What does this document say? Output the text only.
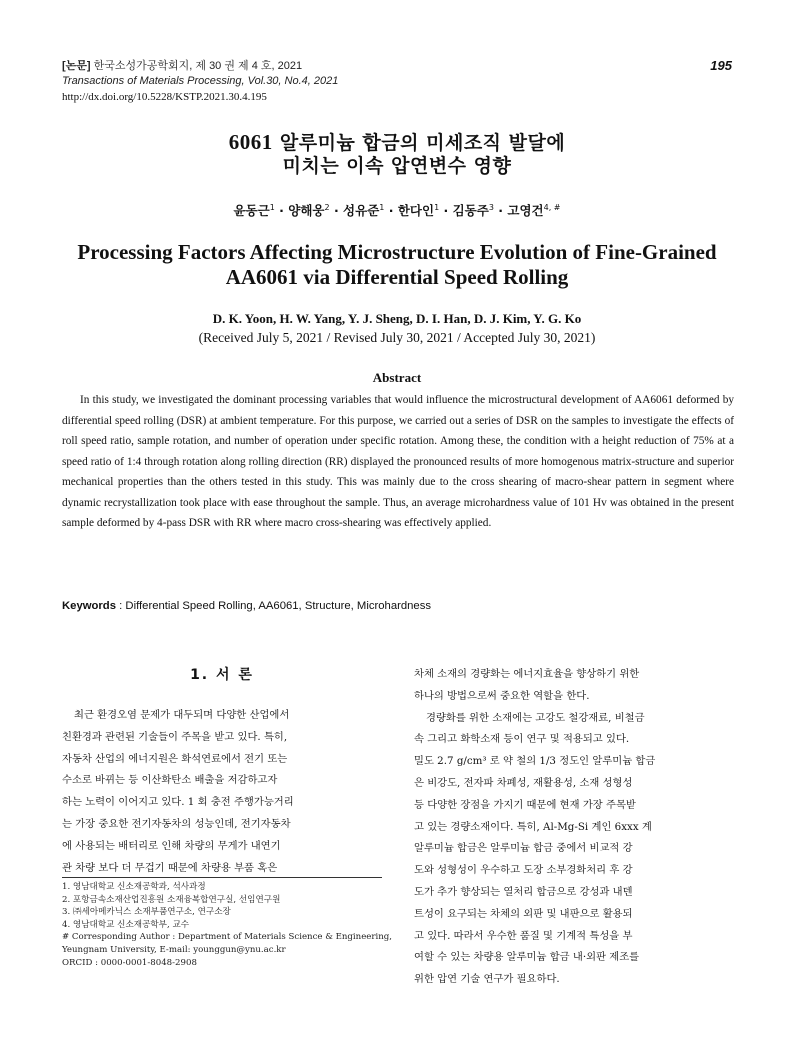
[논문] 한국소성가공학회지, 제 30 권 제 4 호, 2021
Transactions of Materials Processing, Vol.30, No.4, 2021
195
http://dx.doi.org/10.5228/KSTP.2021.30.4.195
6061 알루미늄 합금의 미세조직 발달에
미치는 이속 압연변수 영향
윤동근$^1$ · 양해웅$^2$ · 성유준$^1$ · 한다인$^1$ · 김동주$^3$ · 고영건$^{4, \#}$
Processing Factors Affecting Microstructure Evolution of Fine-Grained
AA6061 via Differential Speed Rolling
D. K. Yoon, H. W. Yang, Y. J. Sheng, D. I. Han, D. J. Kim, Y. G. Ko
(Received July 5, 2021 / Revised July 30, 2021 / Accepted July 30, 2021)
Abstract

In this study, we investigated the dominant processing variables that would influence the microstructural development of AA6061 deformed by differential speed rolling (DSR) at ambient temperature. For this purpose, we carried out a series of DSR on the samples to investigate the effects of roll speed ratio, sample rotation, and number of operation under specific rotation. Among these, the condition with a height reduction of 75% at a speed ratio of 1:4 through rotation along rolling direction (RR) displayed the pronounced results of more homogenous matrix-structure and superior mechanical properties than the others tested in this study. This was mainly due to the cross shearing of macro-shear pattern in segment where dynamic recrystallization took place with ease throughout the sample. Thus, an average microhardness value of 101 Hv was obtained in the present sample deformed by 4-pass DSR with RR where macro cross-shearing was effectively applied.

Keywords : Differential Speed Rolling, AA6061, Structure, Microhardness
1. 서 론
최근 환경오염 문제가 대두되며 다양한 산업에서
친환경과 관련된 기술들이 주목을 받고 있다. 특히,
자동차 산업의 에너지원은 화석연료에서 전기 또는
수소로 바뀌는 등 이산화탄소 배출을 저감하고자
하는 노력이 이어지고 있다. 1 회 충전 주행가능거리
는 가장 중요한 전기자동차의 성능인데, 전기자동차
에 사용되는 배터리로 인해 차량의 무게가 내연기
관 차량 보다 더 무겁기 때문에 차량용 부품 혹은
차체 소재의 경량화는 에너지효율을 향상하기 위한
하나의 방법으로써 중요한 역할을 한다.
경량화를 위한 소재에는 고강도 철강재료, 비철금
속 그리고 화학소재 등이 연구 및 적용되고 있다.
밀도 2.7 g/cm³ 로 약 철의 1/3 정도인 알루미늄 합금
은 비강도, 전자파 차폐성, 재활용성, 소재 성형성
등 다양한 장점을 가지기 때문에 현재 가장 주목받
고 있는 경량소재이다. 특히, Al-Mg-Si 계인 6xxx 계
알루미늄 합금은 알루미늄 합금 중에서 비교적 강
도와 성형성이 우수하고 도장 소부경화처리 후 강
도가 추가 향상되는 열처리 합금으로 강성과 내덴
트성이 요구되는 차체의 외판 및 내판으로 활용되
고 있다. 따라서 우수한 품질 및 기계적 특성을 부
여할 수 있는 차량용 알루미늄 합금 내·외판 제조를
위한 압연 기술 연구가 필요하다.
1. 영남대학교 신소재공학과, 석사과정
2. 포항금속소재산업진흥원 소재융복합연구실, 선임연구원
3. ㈜세아메카닉스 소재부품연구소, 연구소장
4. 영남대학교 신소재공학부, 교수
# Corresponding Author : Department of Materials Science & Engineering,
Yeungnam University, E-mail: younggun@ynu.ac.kr
ORCID : 0000-0001-8048-2908
